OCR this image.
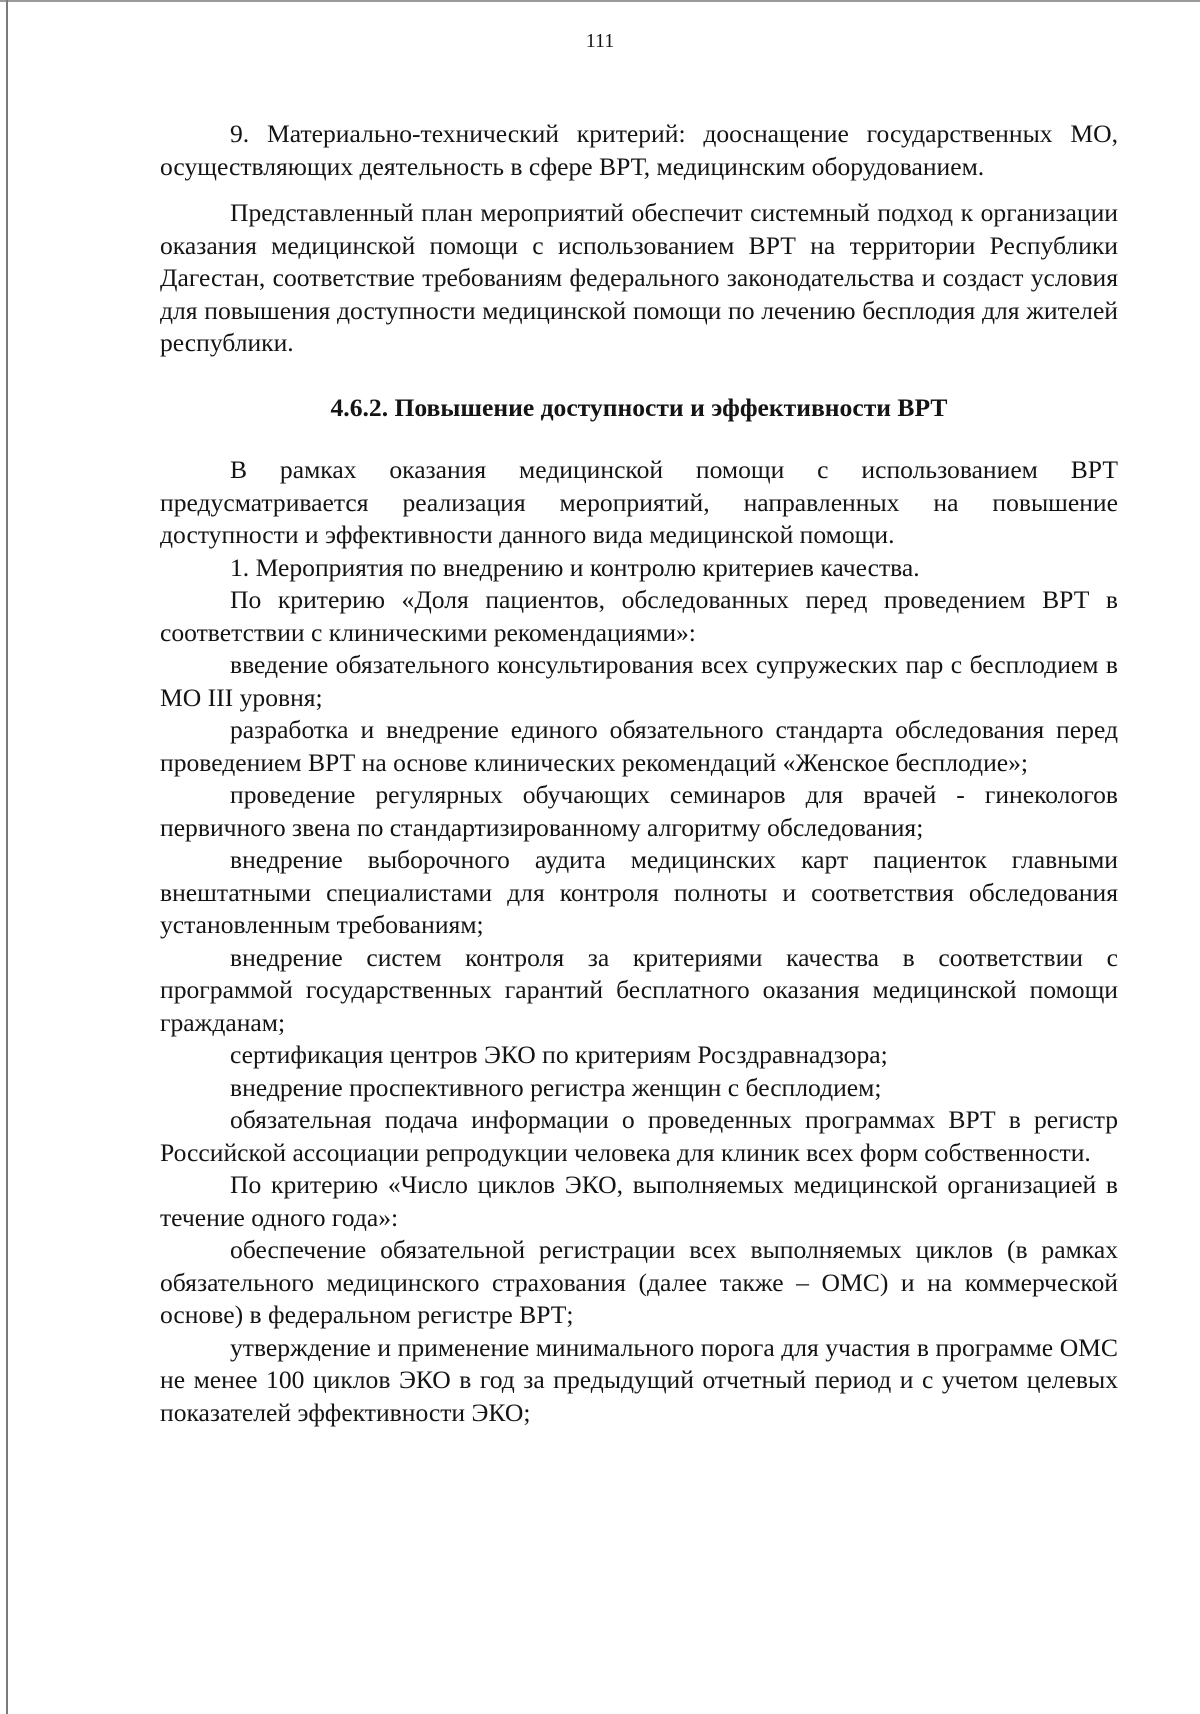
111

9. Материально-технический критерий: дооснащение государственных МО, осуществляющих деятельность в сфере ВРТ, медицинским оборудованием.

Представленный план мероприятий обеспечит системный подход к организации оказания медицинской помощи с использованием ВРТ на территории Республики Дагестан, соответствие требованиям федерального законодательства и создаст условия для повышения доступности медицинской помощи по лечению бесплодия для жителей республики.

4.6.2. Повышение доступности и эффективности ВРТ

В рамках оказания медицинской помощи с использованием ВРТ предусматривается реализация мероприятий, направленных на повышение доступности и эффективности данного вида медицинской помощи.

1. Мероприятия по внедрению и контролю критериев качества.

По критерию «Доля пациентов, обследованных перед проведением ВРТ в соответствии с клиническими рекомендациями»:

введение обязательного консультирования всех супружеских пар с бесплодием в МО III уровня;

разработка и внедрение единого обязательного стандарта обследования перед проведением ВРТ на основе клинических рекомендаций «Женское бесплодие»;

проведение регулярных обучающих семинаров для врачей - гинекологов первичного звена по стандартизированному алгоритму обследования;

внедрение выборочного аудита медицинских карт пациенток главными внештатными специалистами для контроля полноты и соответствия обследования установленным требованиям;

внедрение систем контроля за критериями качества в соответствии с программой государственных гарантий бесплатного оказания медицинской помощи гражданам;

сертификация центров ЭКО по критериям Росздравнадзора;

внедрение проспективного регистра женщин с бесплодием;

обязательная подача информации о проведенных программах ВРТ в регистр Российской ассоциации репродукции человека для клиник всех форм собственности.

По критерию «Число циклов ЭКО, выполняемых медицинской организацией в течение одного года»:

обеспечение обязательной регистрации всех выполняемых циклов (в рамках обязательного медицинского страхования (далее также – ОМС) и на коммерческой основе) в федеральном регистре ВРТ;

утверждение и применение минимального порога для участия в программе ОМС не менее 100 циклов ЭКО в год за предыдущий отчетный период и с учетом целевых показателей эффективности ЭКО;
